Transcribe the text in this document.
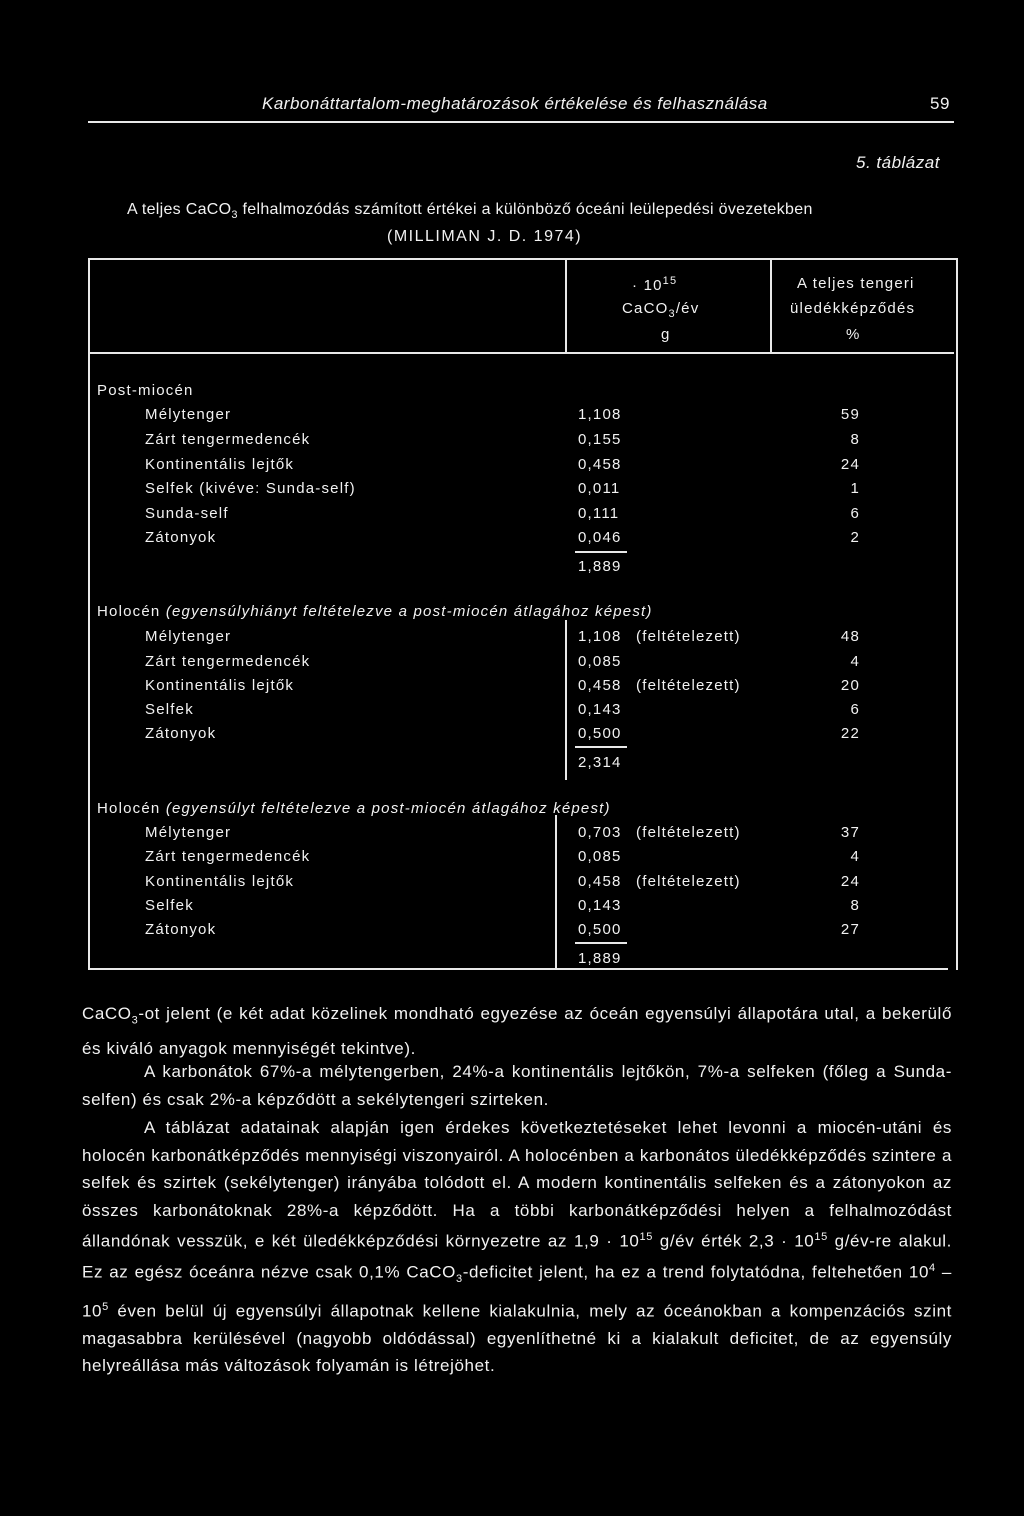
Karbonáttartalom-meghatározások értékelése és felhasználása	59
5. táblázat
A teljes CaCO$_3$ felhalmozódás számított értékei a különböző óceáni leülepedési övezetekben
(MILLIMAN J. D. 1974)
· $10^{15}$
CaCO$_3$/év
g
A teljes tengeri
üledékképződés
%
Post-miocén
Mélytenger	1,108	59
Zárt tengermedencék	0,155	8
Kontinentális lejtők	0,458	24
Selfek (kivéve: Sunda-self)	0,011	1
Sunda-self	0,111	6
Zátonyok	0,046	2
1,889
Holocén (egyensúlyhiányt feltételezve a post-miocén átlagához képest)
Mélytenger	1,108 (feltételezett)	48
Zárt tengermedencék	0,085	4
Kontinentális lejtők	0,458 (feltételezett)	20
Selfek	0,143	6
Zátonyok	0,500	22
2,314
Holocén (egyensúlyt feltételezve a post-miocén átlagához képest)
Mélytenger	0,703 (feltételezett)	37
Zárt tengermedencék	0,085	4
Kontinentális lejtők	0,458 (feltételezett)	24
Selfek	0,143	8
Zátonyok	0,500	27
1,889
CaCO$_3$-ot jelent (e két adat közelinek mondható egyezése az óceán egyensúlyi állapotára utal, a bekerülő és kiváló anyagok mennyiségét tekintve).
A karbonátok 67%-a mélytengerben, 24%-a kontinentális lejtőkön, 7%-a selfeken (főleg a Sunda-selfen) és csak 2%-a képződött a sekélytengeri szirteken.
A táblázat adatainak alapján igen érdekes következtetéseket lehet levonni a miocén-utáni és holocén karbonátképződés mennyiségi viszonyairól. A holocénben a karbonátos üledékképződés szintere a selfek és szirtek (sekélytenger) irányába tolódott el. A modern kontinentális selfeken és a zátonyokon az összes karbonátoknak 28%-a képződött. Ha a többi karbonátképződési helyen a felhalmozódást állandónak vesszük, e két üledékképződési környezetre az $1,9 \cdot 10^{15}$ g/év érték $2,3 \cdot 10^{15}$ g/év-re alakul. Ez az egész óceánra nézve csak 0,1% CaCO$_3$-deficitet jelent, ha ez a trend folytatódna, feltehetően $10^4$ $-10^5$ éven belül új egyensúlyi állapotnak kellene kialakulnia, mely az óceánokban a kompenzációs szint magasabbra kerülésével (nagyobb oldódással) egyenlíthetné ki a kialakult deficitet, de az egyensúly helyreállása más változások folyamán is létrejöhet.
